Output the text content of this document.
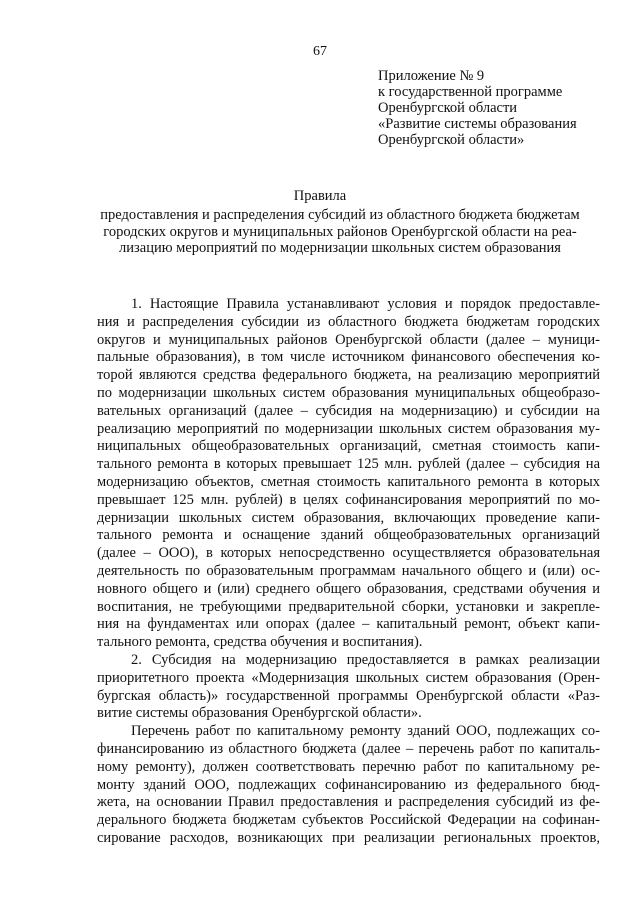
67
Приложение № 9
к государственной программе
Оренбургской области
«Развитие системы образования
Оренбургской области»
Правила
предоставления и распределения субсидий из областного бюджета бюджетам
городских округов и муниципальных районов Оренбургской области на реа-
лизацию мероприятий по модернизации школьных систем образования
1. Настоящие Правила устанавливают условия и порядок предоставле-
ния и распределения субсидии из областного бюджета бюджетам городских
округов и муниципальных районов Оренбургской области (далее – муници-
пальные образования), в том числе источником финансового обеспечения ко-
торой являются средства федерального бюджета, на реализацию мероприятий
по модернизации школьных систем образования муниципальных общеобразо-
вательных организаций (далее – субсидия на модернизацию) и субсидии на
реализацию мероприятий по модернизации школьных систем образования му-
ниципальных общеобразовательных организаций, сметная стоимость капи-
тального ремонта в которых превышает 125 млн. рублей (далее – субсидия на
модернизацию объектов, сметная стоимость капитального ремонта в которых
превышает 125 млн. рублей) в целях софинансирования мероприятий по мо-
дернизации школьных систем образования, включающих проведение капи-
тального ремонта и оснащение зданий общеобразовательных организаций
(далее – ООО), в которых непосредственно осуществляется образовательная
деятельность по образовательным программам начального общего и (или) ос-
новного общего и (или) среднего общего образования, средствами обучения и
воспитания, не требующими предварительной сборки, установки и закрепле-
ния на фундаментах или опорах (далее – капитальный ремонт, объект капи-
тального ремонта, средства обучения и воспитания).
2. Субсидия на модернизацию предоставляется в рамках реализации
приоритетного проекта «Модернизация школьных систем образования (Орен-
бургская область)» государственной программы Оренбургской области «Раз-
витие системы образования Оренбургской области».
Перечень работ по капитальному ремонту зданий ООО, подлежащих со-
финансированию из областного бюджета (далее – перечень работ по капиталь-
ному ремонту), должен соответствовать перечню работ по капитальному ре-
монту зданий ООО, подлежащих софинансированию из федерального бюд-
жета, на основании Правил предоставления и распределения субсидий из фе-
дерального бюджета бюджетам субъектов Российской Федерации на софинан-
сирование расходов, возникающих при реализации региональных проектов,
